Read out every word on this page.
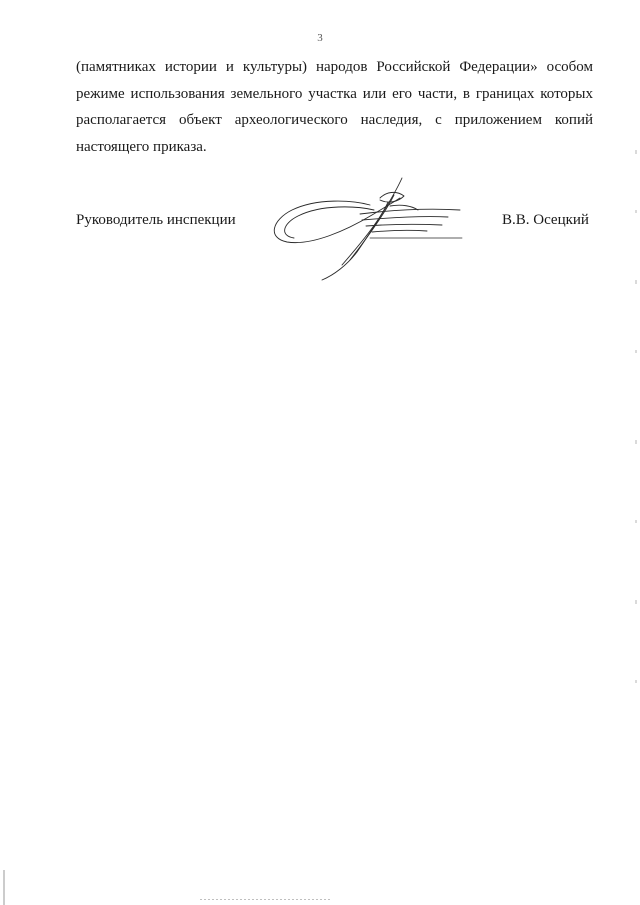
3
(памятниках истории и культуры) народов Российской Федерации» особом
режиме использования земельного участка или его части, в границах которых
располагается объект археологического наследия, с приложением копий
настоящего приказа.
Руководитель инспекции	В.В. Осецкий
